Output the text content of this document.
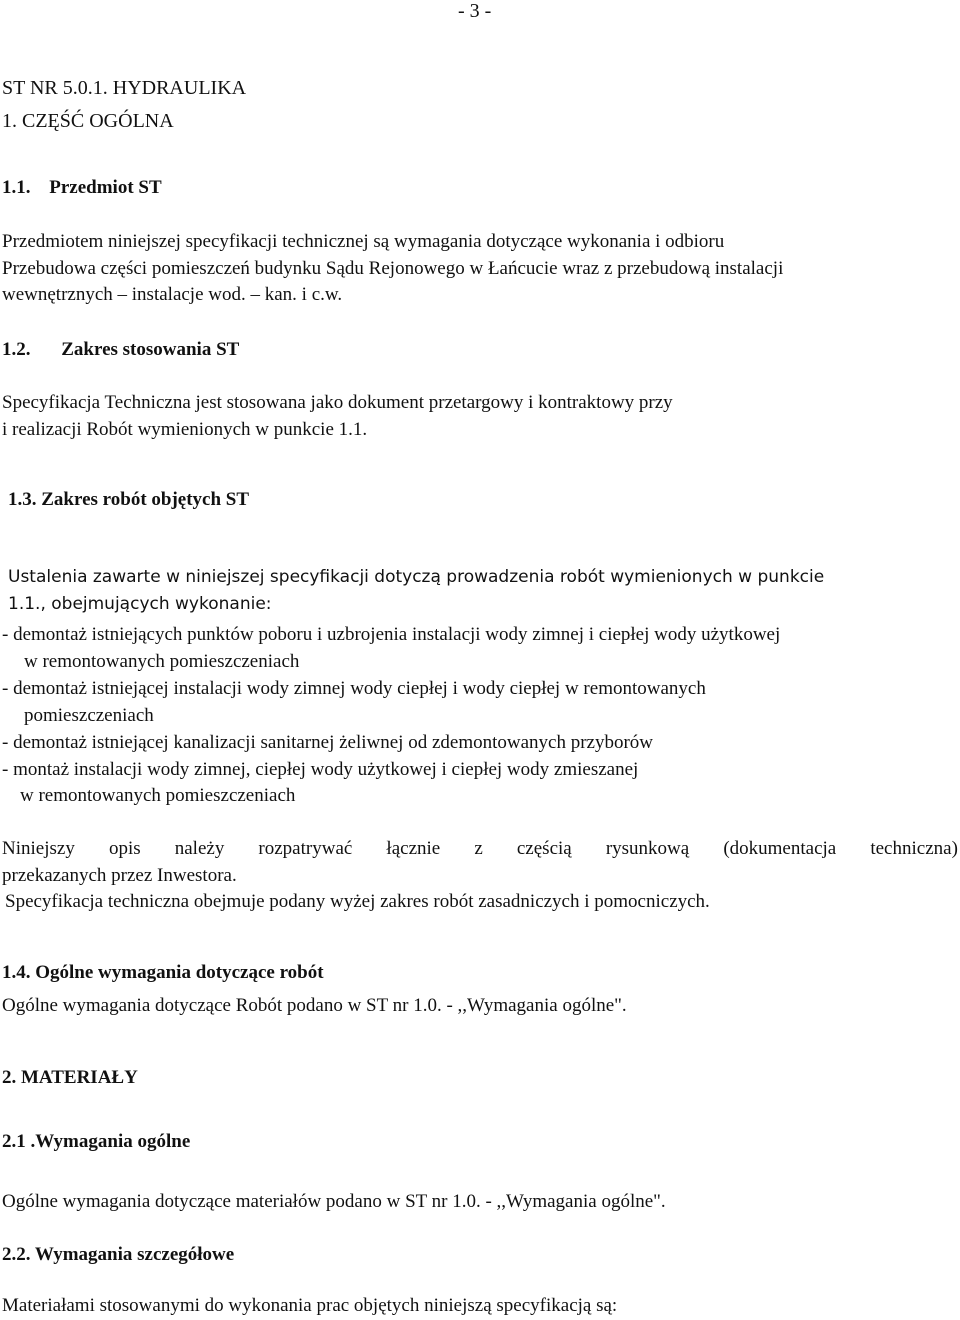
- 3 -
ST NR 5.0.1. HYDRAULIKA
1. CZĘŚĆ OGÓLNA
1.1. Przedmiot ST
Przedmiotem niniejszej specyfikacji technicznej są wymagania dotyczące wykonania i odbioru
Przebudowa części pomieszczeń budynku Sądu Rejonowego w Łańcucie wraz z przebudową instalacji
wewnętrznych – instalacje wod. – kan. i c.w.
1.2. Zakres stosowania ST
Specyfikacja Techniczna jest stosowana jako dokument przetargowy i kontraktowy przy
i realizacji Robót wymienionych w punkcie 1.1.
1.3. Zakres robót objętych ST
Ustalenia zawarte w niniejszej specyfikacji dotyczą prowadzenia robót wymienionych w punkcie
1.1., obejmujących wykonanie:
- demontaż istniejących punktów poboru i uzbrojenia instalacji wody zimnej i ciepłej wody użytkowej
w remontowanych pomieszczeniach
- demontaż istniejącej instalacji wody zimnej wody ciepłej i wody ciepłej w remontowanych
pomieszczeniach
- demontaż istniejącej kanalizacji sanitarnej żeliwnej od zdemontowanych przyborów
- montaż instalacji wody zimnej, ciepłej wody użytkowej i ciepłej wody zmieszanej
w remontowanych pomieszczeniach
Niniejszy opis należy rozpatrywać łącznie z częścią rysunkową (dokumentacja techniczna)
przekazanych przez Inwestora.
Specyfikacja techniczna obejmuje podany wyżej zakres robót zasadniczych i pomocniczych.
1.4. Ogólne wymagania dotyczące robót
Ogólne wymagania dotyczące Robót podano w ST nr 1.0. - ,,Wymagania ogólne".
2. MATERIAŁY
2.1 .Wymagania ogólne
Ogólne wymagania dotyczące materiałów podano w ST nr 1.0. - ,,Wymagania ogólne".
2.2. Wymagania szczegółowe
Materiałami stosowanymi do wykonania prac objętych niniejszą specyfikacją są:
